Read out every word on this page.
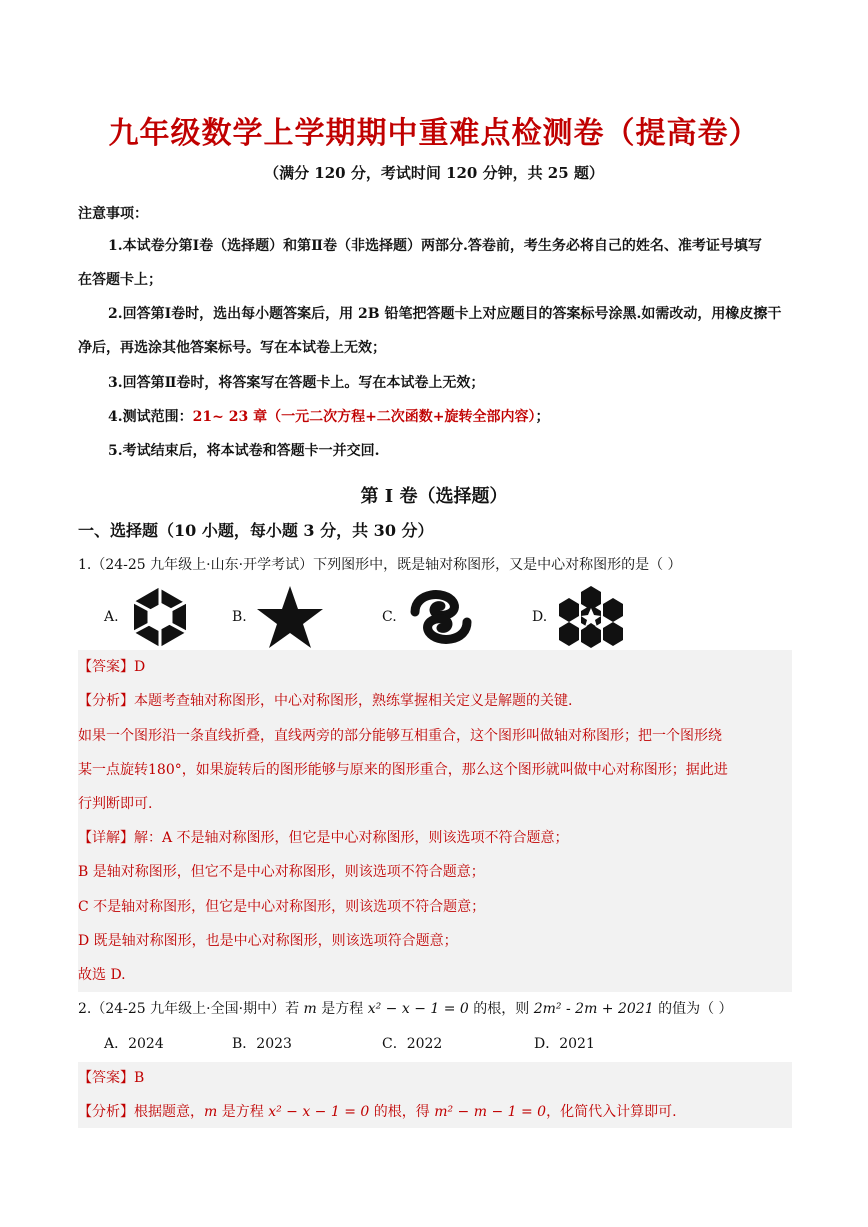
九年级数学上学期期中重难点检测卷（提高卷）
（满分 120 分，考试时间 120 分钟，共 25 题）
注意事项：
1.本试卷分第Ⅰ卷（选择题）和第Ⅱ卷（非选择题）两部分.答卷前，考生务必将自己的姓名、准考证号填写
在答题卡上；
2.回答第Ⅰ卷时，选出每小题答案后，用 2B 铅笔把答题卡上对应题目的答案标号涂黑.如需改动，用橡皮擦干
净后，再选涂其他答案标号。写在本试卷上无效；
3.回答第Ⅱ卷时，将答案写在答题卡上。写在本试卷上无效；
4.测试范围：21~ 23 章（一元二次方程+二次函数+旋转全部内容）；
5.考试结束后，将本试卷和答题卡一并交回.
第 I 卷（选择题）
一、选择题（10 小题，每小题 3 分，共 30 分）
1.（24-25 九年级上·山东·开学考试）下列图形中，既是轴对称图形，又是中心对称图形的是（ ）
A.	B.	C.	D.
【答案】D
【分析】本题考查轴对称图形，中心对称图形，熟练掌握相关定义是解题的关键.
如果一个图形沿一条直线折叠，直线两旁的部分能够互相重合，这个图形叫做轴对称图形；把一个图形绕
某一点旋转180°，如果旋转后的图形能够与原来的图形重合，那么这个图形就叫做中心对称图形；据此进
行判断即可.
【详解】解：A 不是轴对称图形，但它是中心对称图形，则该选项不符合题意；
B 是轴对称图形，但它不是中心对称图形，则该选项不符合题意；
C 不是轴对称图形，但它是中心对称图形，则该选项不符合题意；
D 既是轴对称图形，也是中心对称图形，则该选项符合题意；
故选 D.
2.（24-25 九年级上·全国·期中）若 m 是方程 x² − x − 1 = 0 的根，则 2m² - 2m + 2021 的值为（ ）
A．2024	B．2023	C．2022	D．2021
【答案】B
【分析】根据题意，m 是方程 x² − x − 1 = 0 的根，得 m² − m − 1 = 0，化简代入计算即可.
